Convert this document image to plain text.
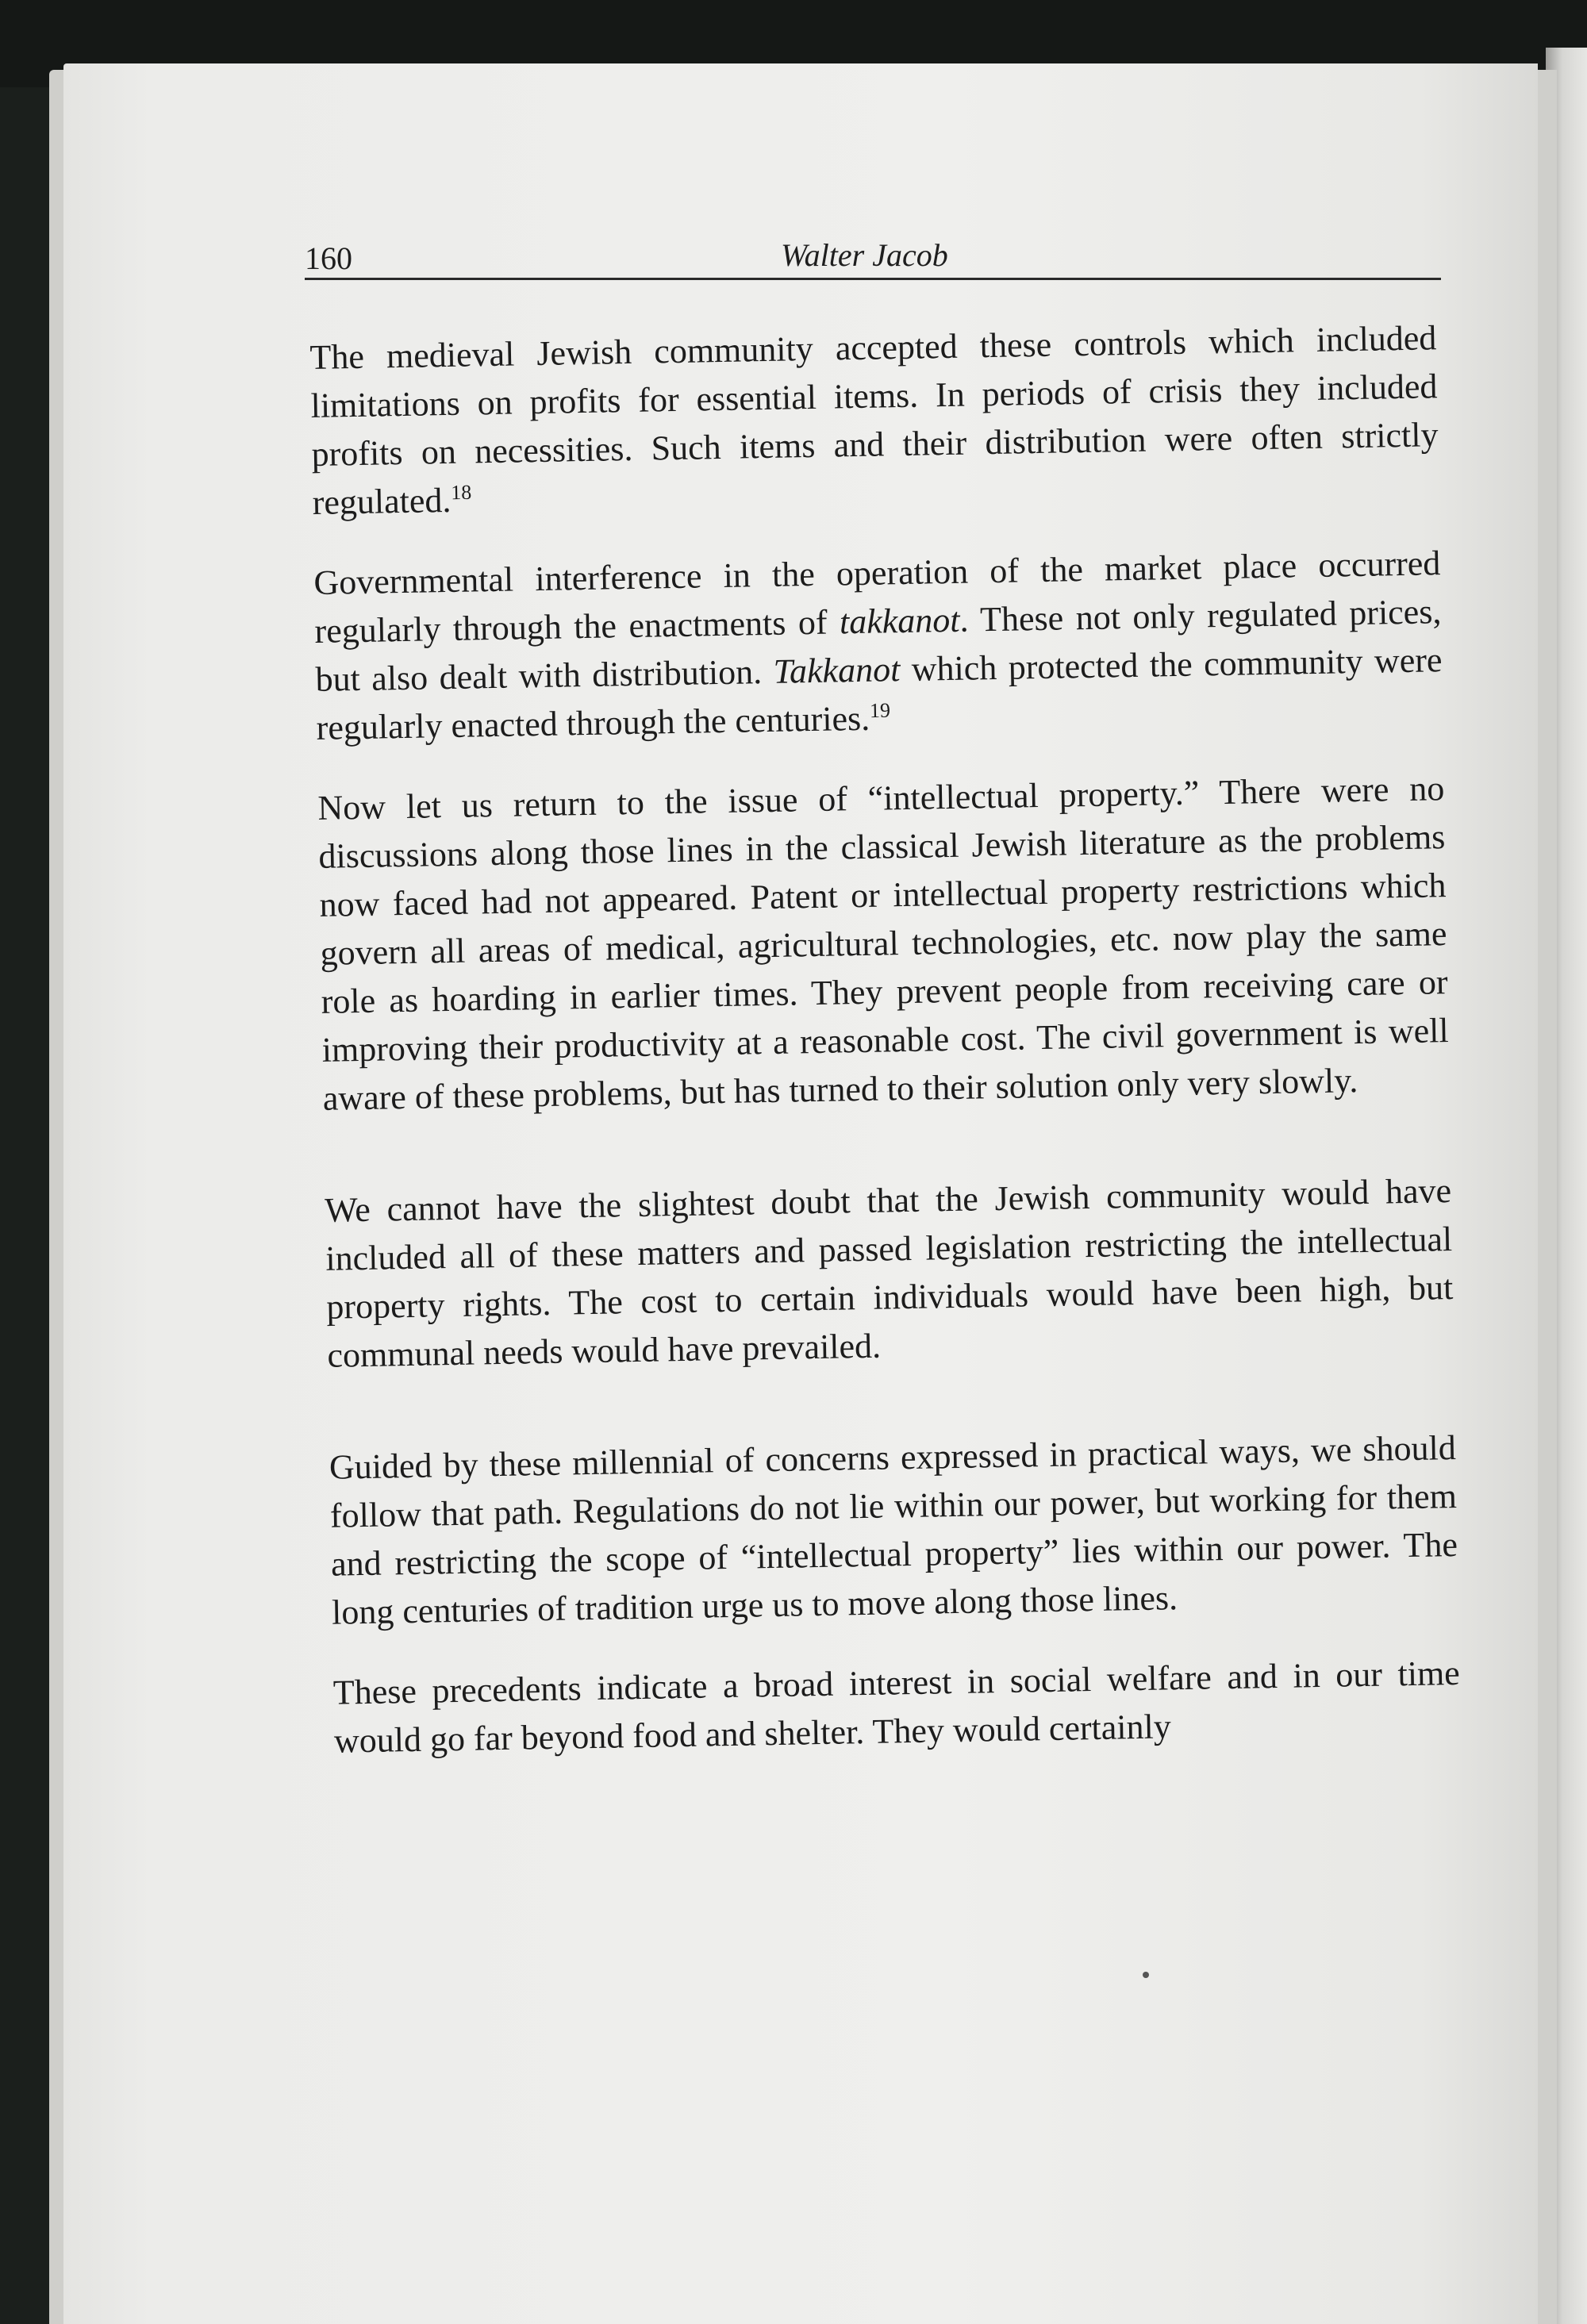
160	Walter Jacob

The medieval Jewish community accepted these controls which included limitations on profits for essential items. In periods of crisis they included profits on necessities. Such items and their distribution were often strictly regulated.$^{18}$

Governmental interference in the operation of the market place occurred regularly through the enactments of takkanot. These not only regulated prices, but also dealt with distribution. Takkanot which protected the community were regularly enacted through the centuries.$^{19}$

Now let us return to the issue of “intellectual property.” There were no discussions along those lines in the classical Jewish literature as the problems now faced had not appeared. Patent or intellectual property restrictions which govern all areas of medical, agricultural technologies, etc. now play the same role as hoarding in earlier times. They prevent people from receiving care or improving their productivity at a reasonable cost. The civil government is well aware of these problems, but has turned to their solution only very slowly.

We cannot have the slightest doubt that the Jewish community would have included all of these matters and passed legislation restricting the intellectual property rights. The cost to certain individuals would have been high, but communal needs would have prevailed.

Guided by these millennial of concerns expressed in practical ways, we should follow that path. Regulations do not lie within our power, but working for them and restricting the scope of “intellectual property” lies within our power. The long centuries of tradition urge us to move along those lines.

These precedents indicate a broad interest in social welfare and in our time would go far beyond food and shelter. They would certainly
